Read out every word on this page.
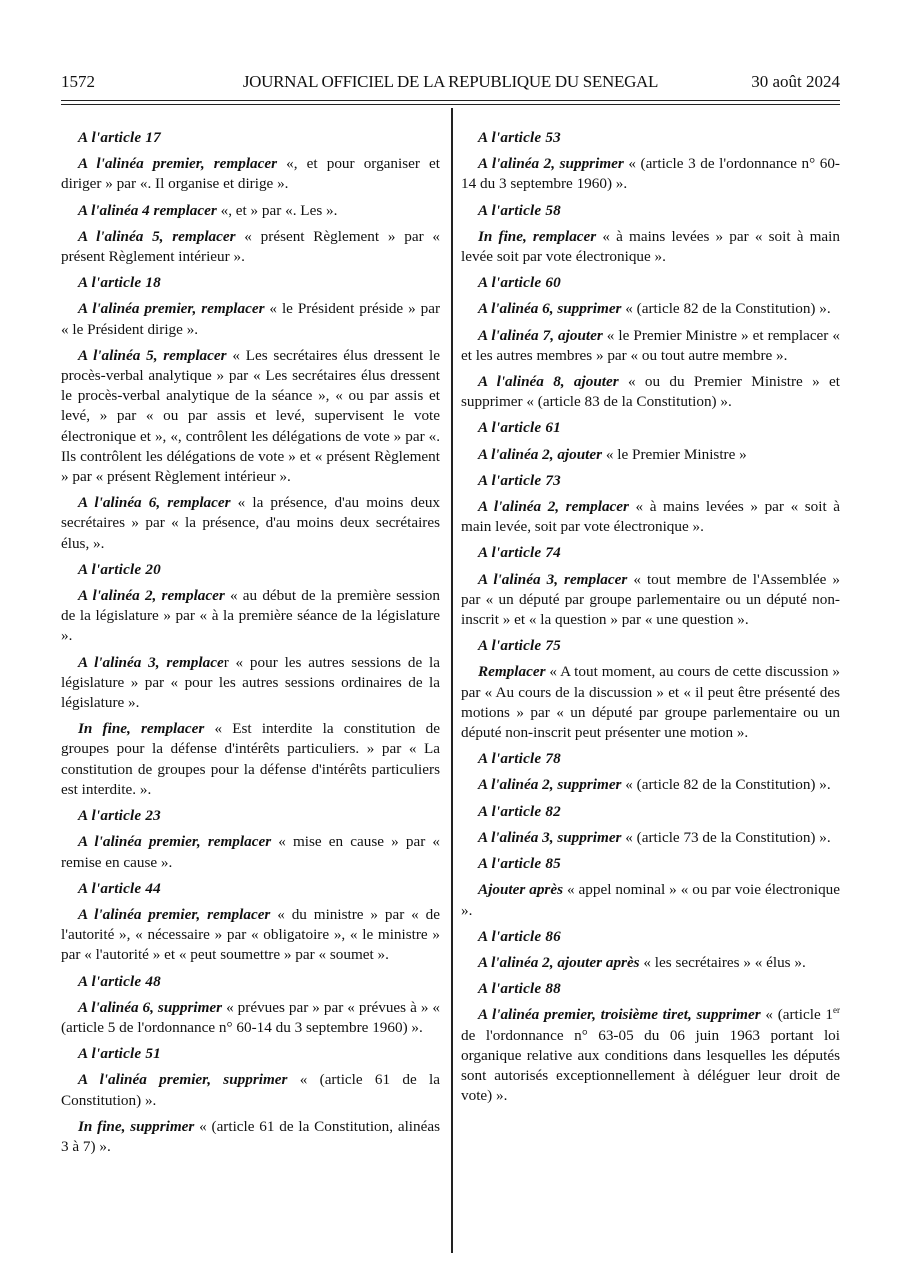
1572	JOURNAL OFFICIEL DE LA REPUBLIQUE DU SENEGAL	30 août 2024
A l'article 17
A l'alinéa premier, remplacer «, et pour organiser et diriger » par «. Il organise et dirige ».
A l'alinéa 4 remplacer «, et » par «. Les ».
A l'alinéa 5, remplacer « présent Règlement » par « présent Règlement intérieur ».
A l'article 18
A l'alinéa premier, remplacer « le Président préside » par « le Président dirige ».
A l'alinéa 5, remplacer « Les secrétaires élus dressent le procès-verbal analytique » par « Les secrétaires élus dressent le procès-verbal analytique de la séance », « ou par assis et levé, » par « ou par assis et levé, supervisent le vote électronique et », «, contrôlent les délégations de vote » par «. Ils contrôlent les délégations de vote » et « présent Règlement » par « présent Règlement intérieur ».
A l'alinéa 6, remplacer « la présence, d'au moins deux secrétaires » par « la présence, d'au moins deux secrétaires élus, ».
A l'article 20
A l'alinéa 2, remplacer « au début de la première session de la législature » par « à la première séance de la législature ».
A l'alinéa 3, remplacer « pour les autres sessions de la législature » par « pour les autres sessions ordinaires de la législature ».
In fine, remplacer « Est interdite la constitution de groupes pour la défense d'intérêts particuliers. » par « La constitution de groupes pour la défense d'intérêts particuliers est interdite. ».
A l'article 23
A l'alinéa premier, remplacer « mise en cause » par « remise en cause ».
A l'article 44
A l'alinéa premier, remplacer « du ministre » par « de l'autorité », « nécessaire » par « obligatoire », « le ministre » par « l'autorité » et « peut soumettre » par « soumet ».
A l'article 48
A l'alinéa 6, supprimer « prévues par » par « prévues à » « (article 5 de l'ordonnance n° 60-14 du 3 septembre 1960) ».
A l'article 51
A l'alinéa premier, supprimer « (article 61 de la Constitution) ».
In fine, supprimer « (article 61 de la Constitution, alinéas 3 à 7) ».
A l'article 53
A l'alinéa 2, supprimer « (article 3 de l'ordonnance n° 60-14 du 3 septembre 1960) ».
A l'article 58
In fine, remplacer « à mains levées » par « soit à main levée soit par vote électronique ».
A l'article 60
A l'alinéa 6, supprimer « (article 82 de la Constitution) ».
A l'alinéa 7, ajouter « le Premier Ministre » et remplacer « et les autres membres » par « ou tout autre membre ».
A l'alinéa 8, ajouter « ou du Premier Ministre » et supprimer « (article 83 de la Constitution) ».
A l'article 61
A l'alinéa 2, ajouter « le Premier Ministre »
A l'article 73
A l'alinéa 2, remplacer « à mains levées » par « soit à main levée, soit par vote électronique ».
A l'article 74
A l'alinéa 3, remplacer « tout membre de l'Assemblée » par « un député par groupe parlementaire ou un député non-inscrit » et « la question » par « une question ».
A l'article 75
Remplacer « A tout moment, au cours de cette discussion » par « Au cours de la discussion » et « il peut être présenté des motions » par « un député par groupe parlementaire ou un député non-inscrit peut présenter une motion ».
A l'article 78
A l'alinéa 2, supprimer « (article 82 de la Constitution) ».
A l'article 82
A l'alinéa 3, supprimer « (article 73 de la Constitution) ».
A l'article 85
Ajouter après « appel nominal » « ou par voie électronique ».
A l'article 86
A l'alinéa 2, ajouter après « les secrétaires » « élus ».
A l'article 88
A l'alinéa premier, troisième tiret, supprimer « (article 1er de l'ordonnance n° 63-05 du 06 juin 1963 portant loi organique relative aux conditions dans lesquelles les députés sont autorisés exceptionnellement à déléguer leur droit de vote) ».
